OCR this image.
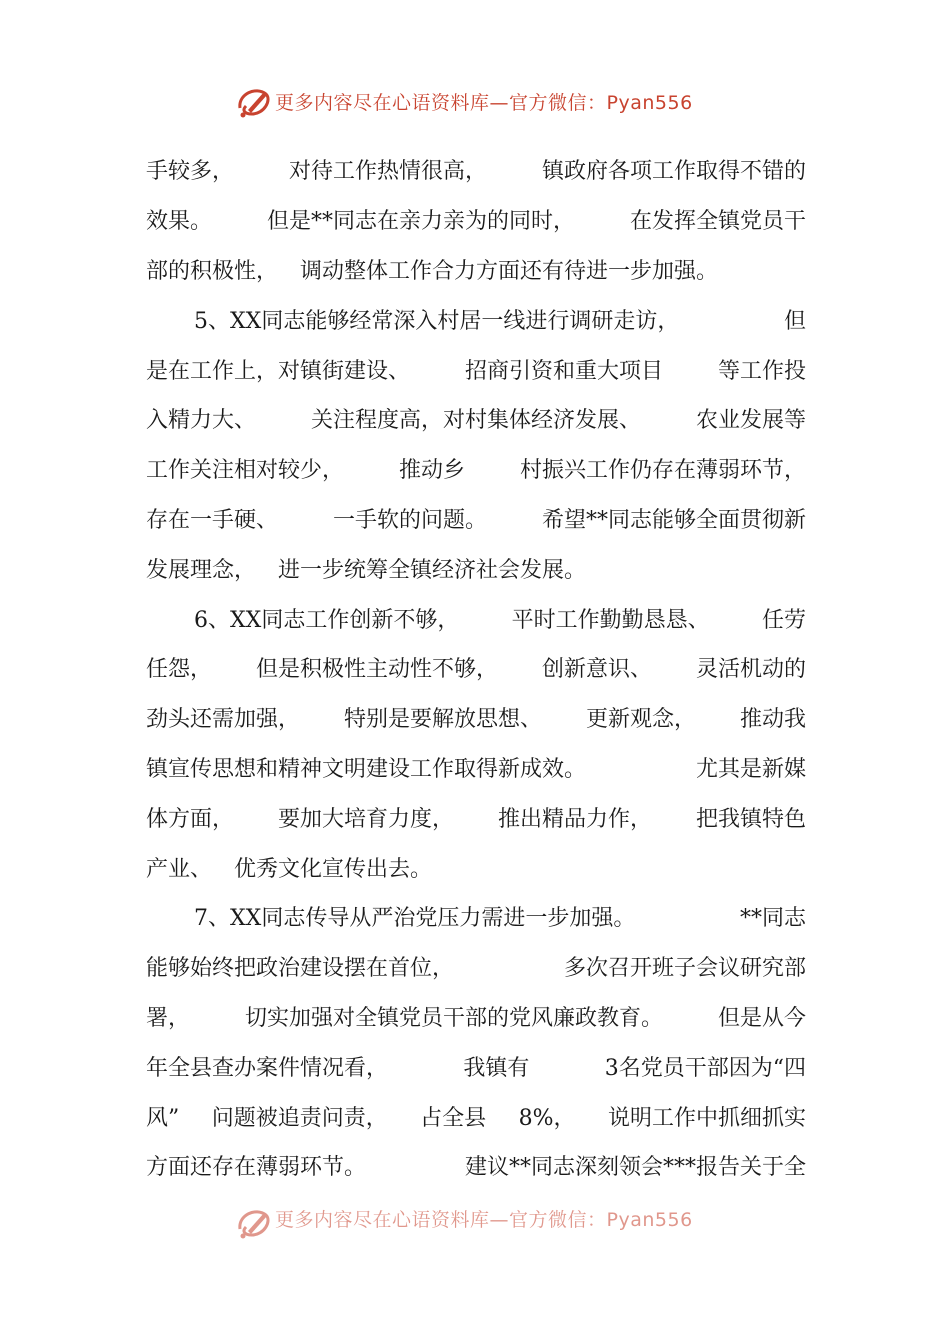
更多内容尽在心语资料库—官方微信：Pyan556
手较多， 对待工作热情很高， 镇政府各项工作取得不错的
效果。 但是**同志在亲力亲为的同时， 在发挥全镇党员干
部的积极性， 调动整体工作合力方面还有待进一步加强。
5、XX同志能够经常深入村居一线进行调研走访，	但
是在工作上，对镇街建设、 招商引资和重大项目 等工作投
入精力大、 关注程度高，对村集体经济发展、 农业发展等
工作关注相对较少， 推动乡 村振兴工作仍存在薄弱环节，
存在一手硬、 一手软的问题。 希望**同志能够全面贯彻新
发展理念， 进一步统筹全镇经济社会发展。
6、XX同志工作创新不够， 平时工作勤勤恳恳、 任劳
任怨， 但是积极性主动性不够， 创新意识、 灵活机动的
劲头还需加强， 特别是要解放思想、 更新观念， 推动我
镇宣传思想和精神文明建设工作取得新成效。	尤其是新媒
体方面， 要加大培育力度， 推出精品力作， 把我镇特色
产业、 优秀文化宣传出去。
7、XX同志传导从严治党压力需进一步加强。	**同志
能够始终把政治建设摆在首位，	多次召开班子会议研究部
署， 切实加强对全镇党员干部的党风廉政教育。 但是从今
年全县查办案件情况看，	我镇有	3名党员干部因为“四
风” 问题被追责问责， 占全县 8%， 说明工作中抓细抓实
方面还存在薄弱环节。	建议**同志深刻领会***报告关于全
更多内容尽在心语资料库—官方微信：Pyan556
